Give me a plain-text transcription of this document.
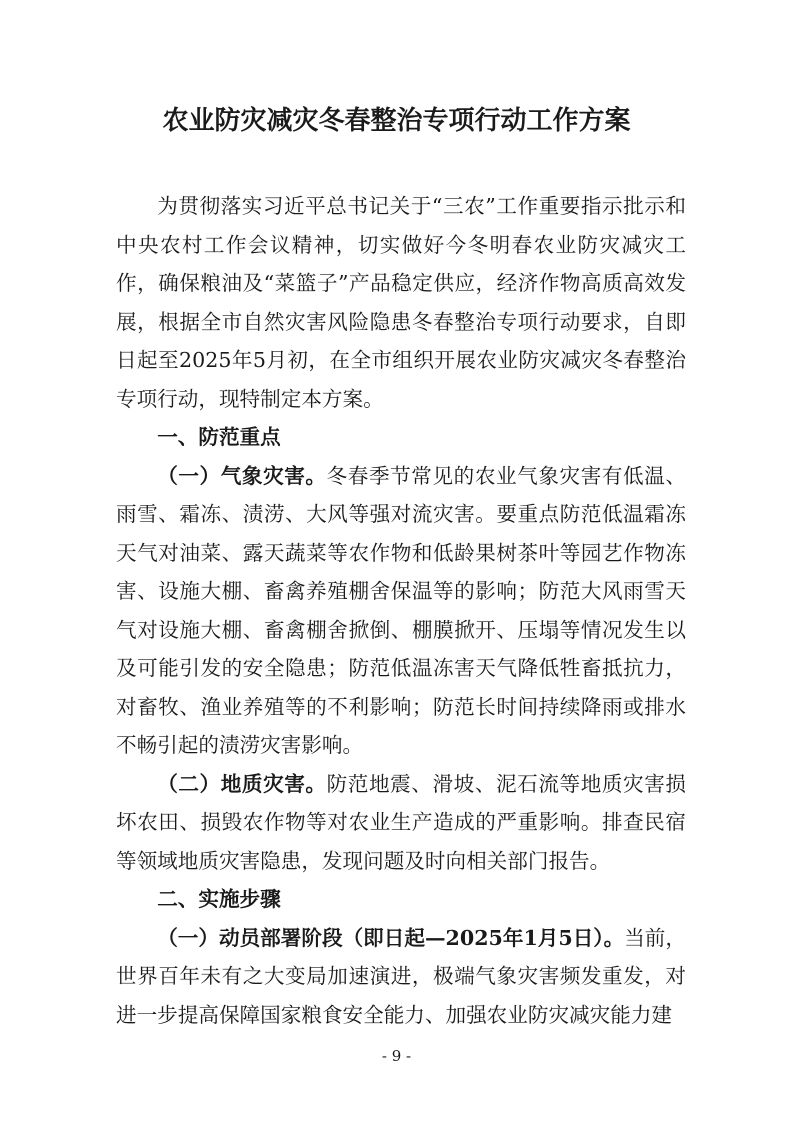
农业防灾减灾冬春整治专项行动工作方案

为贯彻落实习近平总书记关于“三农”工作重要指示批示和中央农村工作会议精神，切实做好今冬明春农业防灾减灾工作，确保粮油及“菜篮子”产品稳定供应，经济作物高质高效发展，根据全市自然灾害风险隐患冬春整治专项行动要求，自即日起至2025年5月初，在全市组织开展农业防灾减灾冬春整治专项行动，现特制定本方案。

一、防范重点

（一）气象灾害。冬春季节常见的农业气象灾害有低温、雨雪、霜冻、渍涝、大风等强对流灾害。要重点防范低温霜冻天气对油菜、露天蔬菜等农作物和低龄果树茶叶等园艺作物冻害、设施大棚、畜禽养殖棚舍保温等的影响；防范大风雨雪天气对设施大棚、畜禽棚舍掀倒、棚膜掀开、压塌等情况发生以及可能引发的安全隐患；防范低温冻害天气降低牲畜抵抗力，对畜牧、渔业养殖等的不利影响；防范长时间持续降雨或排水不畅引起的渍涝灾害影响。

（二）地质灾害。防范地震、滑坡、泥石流等地质灾害损坏农田、损毁农作物等对农业生产造成的严重影响。排查民宿等领域地质灾害隐患，发现问题及时向相关部门报告。

二、实施步骤

（一）动员部署阶段（即日起—2025年1月5日）。当前，世界百年未有之大变局加速演进，极端气象灾害频发重发，对进一步提高保障国家粮食安全能力、加强农业防灾减灾能力建

- 9 -
